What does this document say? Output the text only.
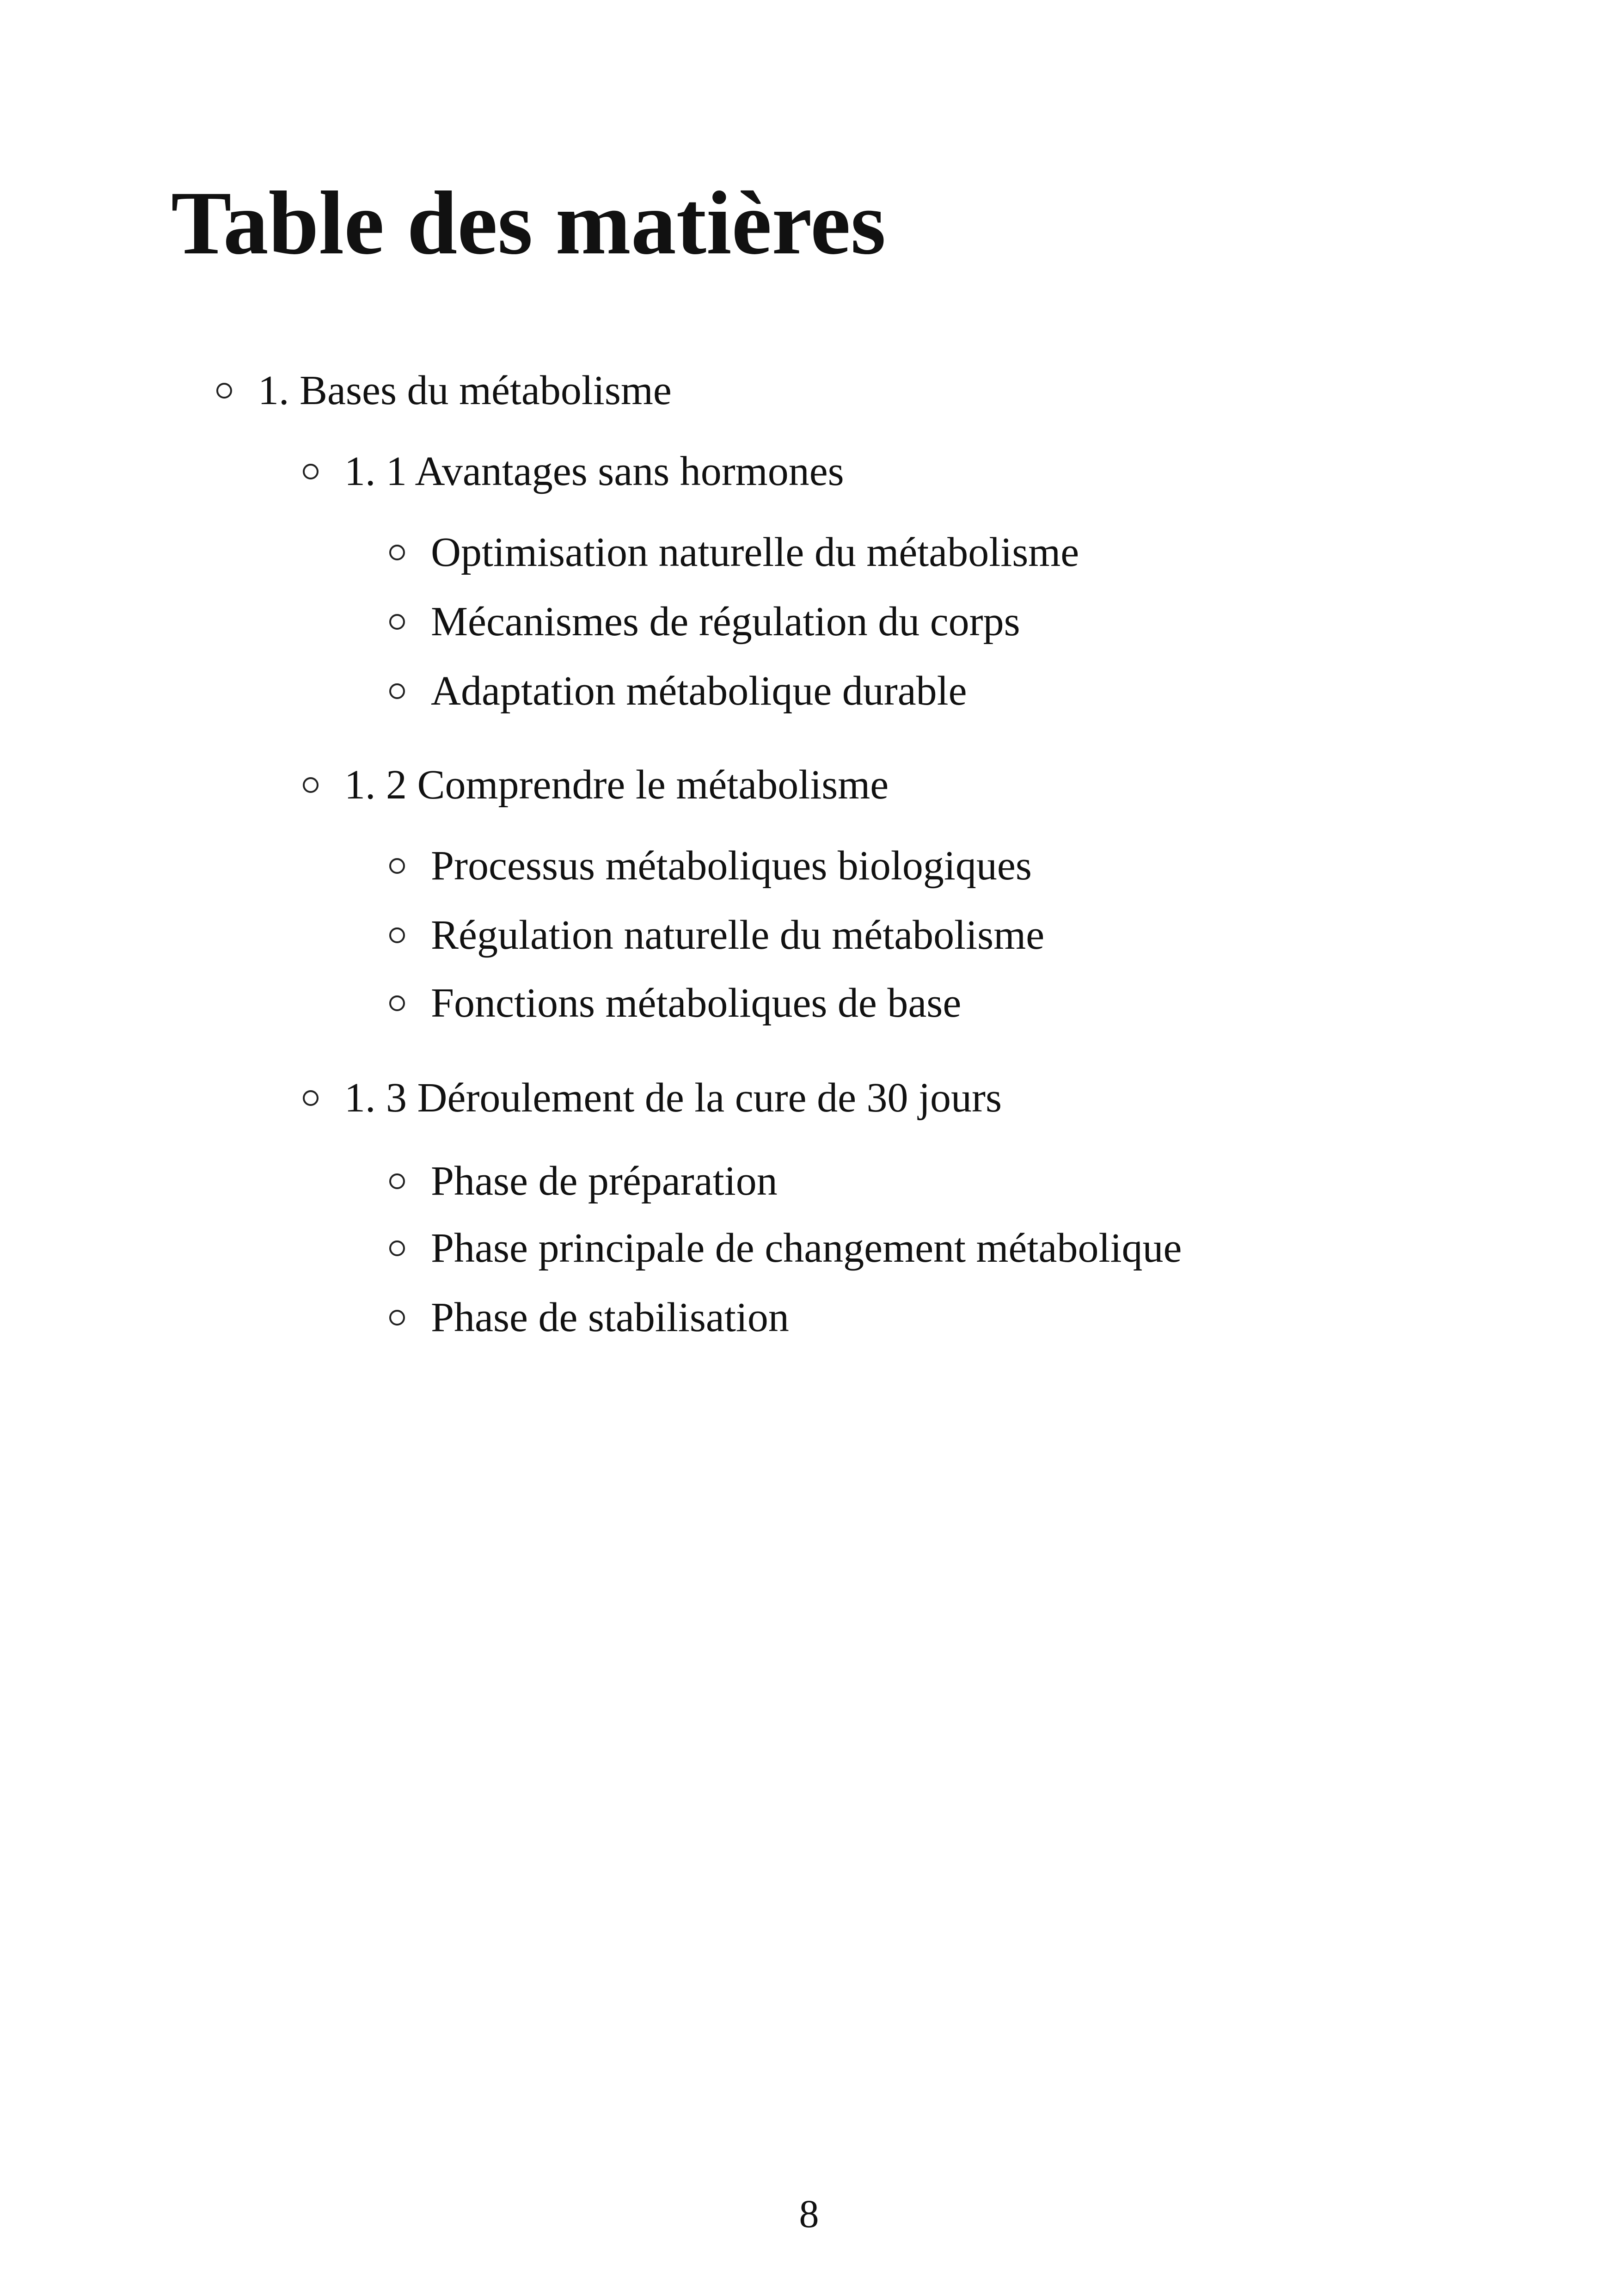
Table des matières
1. Bases du métabolisme
1. 1 Avantages sans hormones
Optimisation naturelle du métabolisme
Mécanismes de régulation du corps
Adaptation métabolique durable
1. 2 Comprendre le métabolisme
Processus métaboliques biologiques
Régulation naturelle du métabolisme
Fonctions métaboliques de base
1. 3 Déroulement de la cure de 30 jours
Phase de préparation
Phase principale de changement métabolique
Phase de stabilisation
8
